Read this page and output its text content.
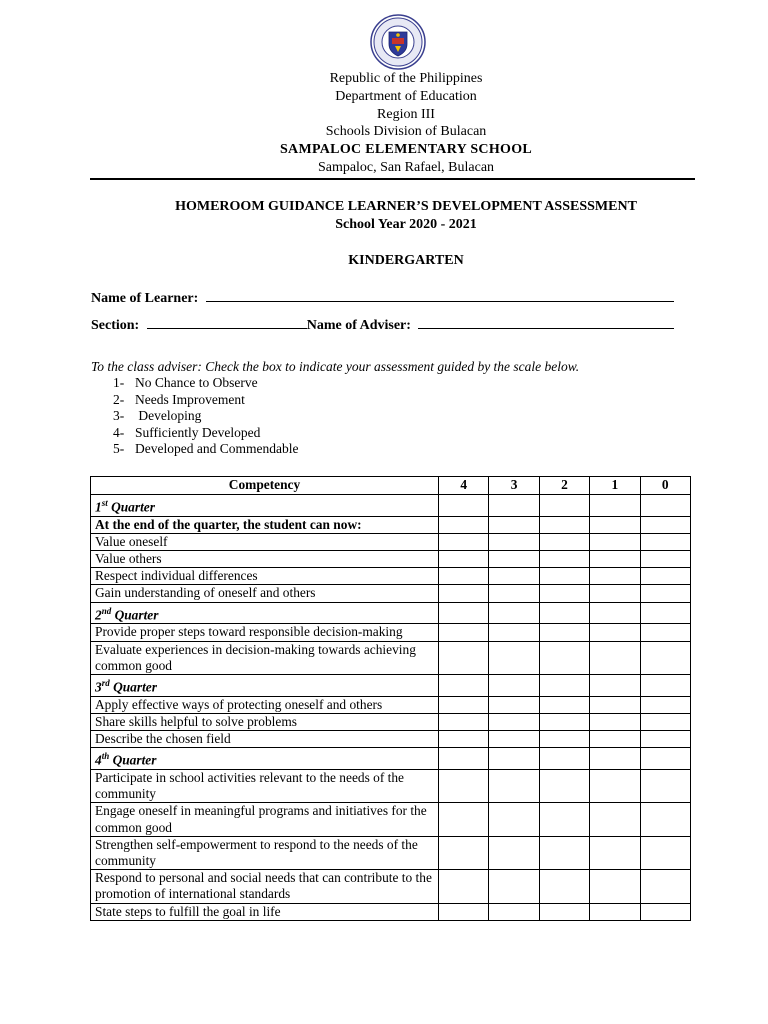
Republic of the Philippines
Department of Education
Region III
Schools Division of Bulacan
SAMPALOC ELEMENTARY SCHOOL
Sampaloc, San Rafael, Bulacan
HOMEROOM GUIDANCE LEARNER’S DEVELOPMENT ASSESSMENT
School Year 2020 - 2021
KINDERGARTEN
Name of Learner:
Section:	Name of Adviser:
To the class adviser: Check the box to indicate your assessment guided by the scale below.
1- No Chance to Observe
2- Needs Improvement
3- Developing
4- Sufficiently Developed
5- Developed and Commendable
Competency	4	3	2	1	0
1st Quarter					
At the end of the quarter, the student can now:					
Value oneself					
Value others					
Respect individual differences					
Gain understanding of oneself and others					
2nd Quarter					
Provide proper steps toward responsible decision-making					
Evaluate experiences in decision-making towards achieving common good					
3rd Quarter					
Apply effective ways of protecting oneself and others					
Share skills helpful to solve problems					
Describe the chosen field					
4th Quarter					
Participate in school activities relevant to the needs of the community					
Engage oneself in meaningful programs and initiatives for the common good					
Strengthen self-empowerment to respond to the needs of the community					
Respond to personal and social needs that can contribute to the promotion of international standards					
State steps to fulfill the goal in life					
